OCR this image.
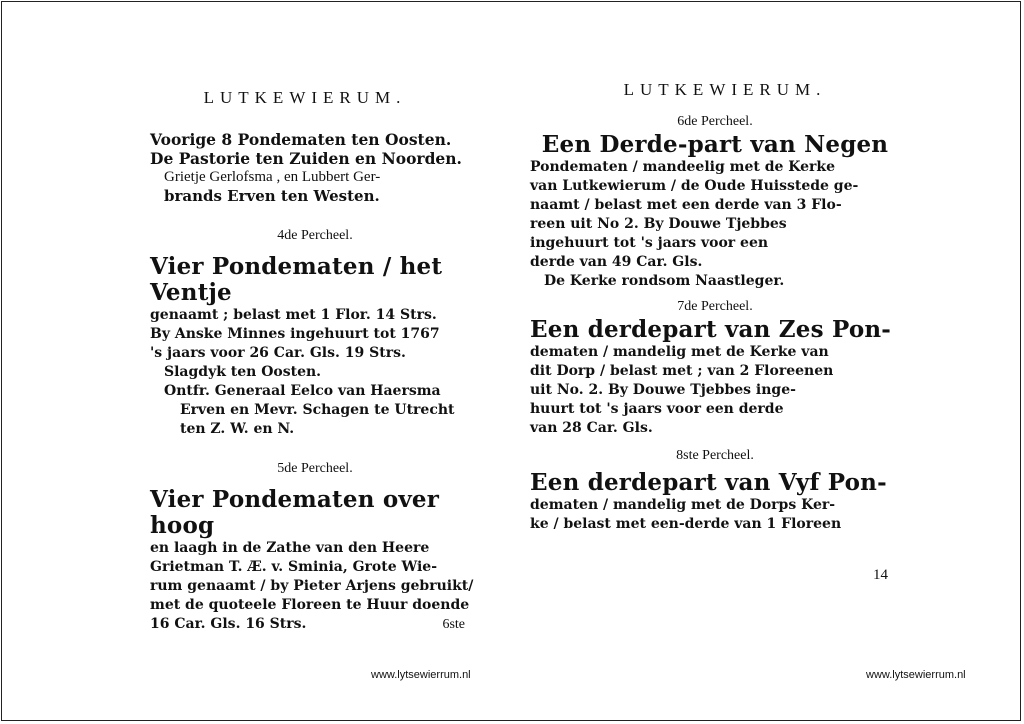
LUTKEWIERUM.

Voorige 8 Pondematen ten Oosten.

De Pastorie ten Zuiden en Noorden.

Grietje Gerlofsma , en Lubbert Ger-

brands Erven ten Westen.

4de Percheel.

Vier Pondematen / het Ventje

genaamt ; belast met 1 Flor. 14 Strs.

By Anske Minnes ingehuurt tot 1767

's jaars voor 26 Car. Gls. 19 Strs.

Slagdyk ten Oosten.

Ontfr. Generaal Eelco van Haersma

Erven en Mevr. Schagen te Utrecht

ten Z. W. en N.

5de Percheel.

Vier Pondematen over hoog

en laagh in de Zathe van den Heere

Grietman T. Æ. v. Sminia, Grote Wie-

rum genaamt / by Pieter Arjens gebruikt/

met de quoteele Floreen te Huur doende

16 Car. Gls. 16 Strs.	6ste

www.lytsewierrum.nl
LUTKEWIERUM.

6de Percheel.

Een Derde-part van Negen

Pondematen / mandeelig met de Kerke

van Lutkewierum / de Oude Huisstede ge-

naamt / belast met een derde van 3 Flo-

reen uit No 2. By Douwe Tjebbes

ingehuurt tot 's jaars voor een

derde van 49 Car. Gls.

De Kerke rondsom Naastleger.

7de Percheel.

Een derdepart van Zes Pon-

dematen / mandelig met de Kerke van

dit Dorp / belast met ; van 2 Floreenen

uit No. 2. By Douwe Tjebbes inge-

huurt tot 's jaars voor een derde

van 28 Car. Gls.

8ste Percheel.

Een derdepart van Vyf Pon-

dematen / mandelig met de Dorps Ker-

ke / belast met een-derde van 1 Floreen

14
www.lytsewierrum.nl
